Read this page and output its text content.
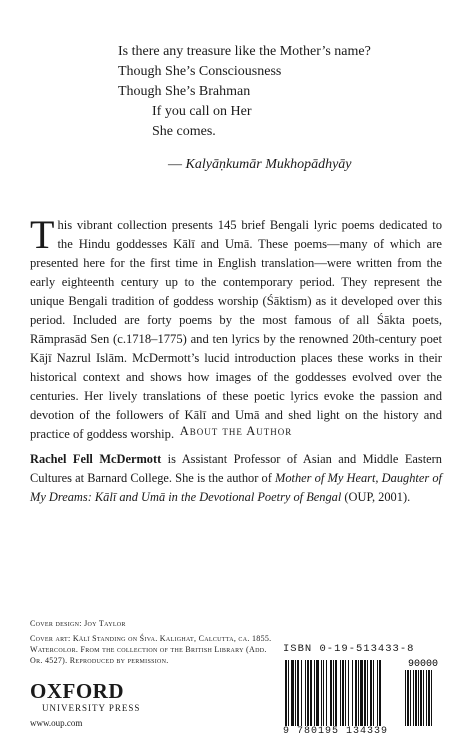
Is there any treasure like the Mother’s name?
Though She’s Consciousness
Though She’s Brahman
If you call on Her
She comes.
— Kalyāṇkumār Mukhopādhyāy
This vibrant collection presents 145 brief Bengali lyric poems dedicated to the Hindu goddesses Kālī and Umā. These poems—many of which are presented here for the first time in English translation—were written from the early eighteenth century up to the contemporary period. They represent the unique Bengali tradition of goddess worship (Śāktism) as it developed over this period. Included are forty poems by the most famous of all Śākta poets, Rāmprasād Sen (c.1718–1775) and ten lyrics by the renowned 20th-century poet Kājī Nazrul Islām. McDermott’s lucid introduction places these works in their historical context and shows how images of the goddesses evolved over the centuries. Her lively translations of these poetic lyrics evoke the passion and devotion of the followers of Kālī and Umā and shed light on the history and practice of goddess worship. About the Author
Rachel Fell McDermott is Assistant Professor of Asian and Middle Eastern Cultures at Barnard College. She is the author of Mother of My Heart, Daughter of My Dreams: Kālī and Umā in the Devotional Poetry of Bengal (OUP, 2001).
Cover design: Joy Taylor
Cover art: Kālī Standing on Śiva. Kalighat, Calcutta, ca. 1855. Watercolor. From the collection of the British Library (Add. Or. 4527). Reproduced by permission.
OXFORD
UNIVERSITY PRESS
www.oup.com
ISBN 0-19-513433-8
90000
9 780195 134339
